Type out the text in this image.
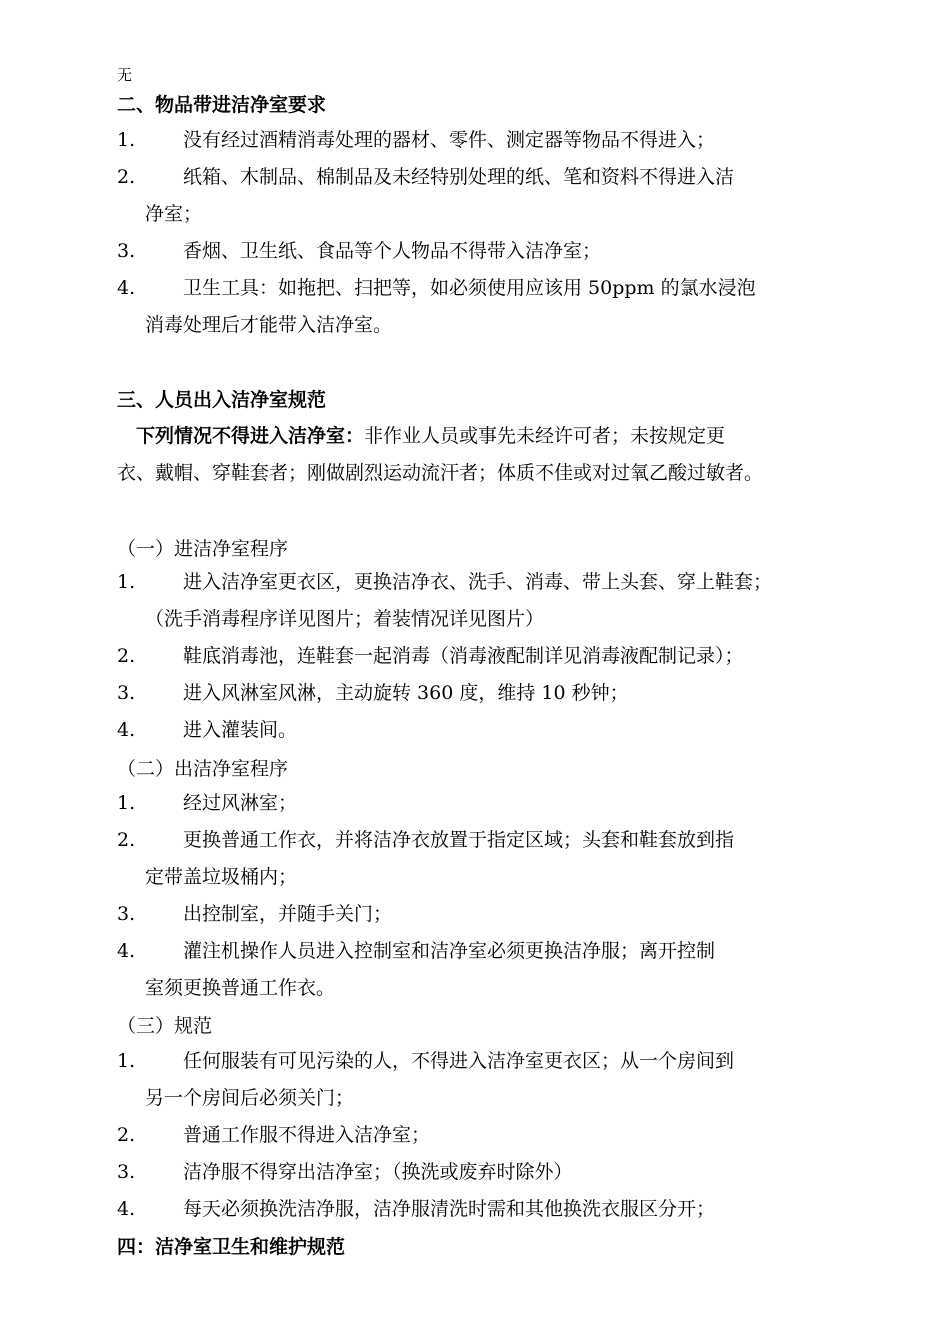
无
二、物品带进洁净室要求
1.	没有经过酒精消毒处理的器材、零件、测定器等物品不得进入；
2.	纸箱、木制品、棉制品及未经特别处理的纸、笔和资料不得进入洁
净室；
3.	香烟、卫生纸、食品等个人物品不得带入洁净室；
4.	卫生工具：如拖把、扫把等，如必须使用应该用 50ppm 的氯水浸泡
消毒处理后才能带入洁净室。
三、人员出入洁净室规范
下列情况不得进入洁净室：非作业人员或事先未经许可者；未按规定更
衣、戴帽、穿鞋套者；刚做剧烈运动流汗者；体质不佳或对过氧乙酸过敏者。
（一）进洁净室程序
1.	进入洁净室更衣区，更换洁净衣、洗手、消毒、带上头套、穿上鞋套；
（洗手消毒程序详见图片；着装情况详见图片）
2.	鞋底消毒池，连鞋套一起消毒（消毒液配制详见消毒液配制记录）；
3.	进入风淋室风淋，主动旋转 360 度，维持 10 秒钟；
4.	进入灌装间。
（二）出洁净室程序
1.	经过风淋室；
2.	更换普通工作衣，并将洁净衣放置于指定区域；头套和鞋套放到指
定带盖垃圾桶内；
3.	出控制室，并随手关门；
4.	灌注机操作人员进入控制室和洁净室必须更换洁净服；离开控制
室须更换普通工作衣。
（三）规范
1.	任何服装有可见污染的人，不得进入洁净室更衣区；从一个房间到
另一个房间后必须关门；
2.	普通工作服不得进入洁净室；
3.	洁净服不得穿出洁净室；（换洗或废弃时除外）
4.	每天必须换洗洁净服，洁净服清洗时需和其他换洗衣服区分开；
四：洁净室卫生和维护规范
